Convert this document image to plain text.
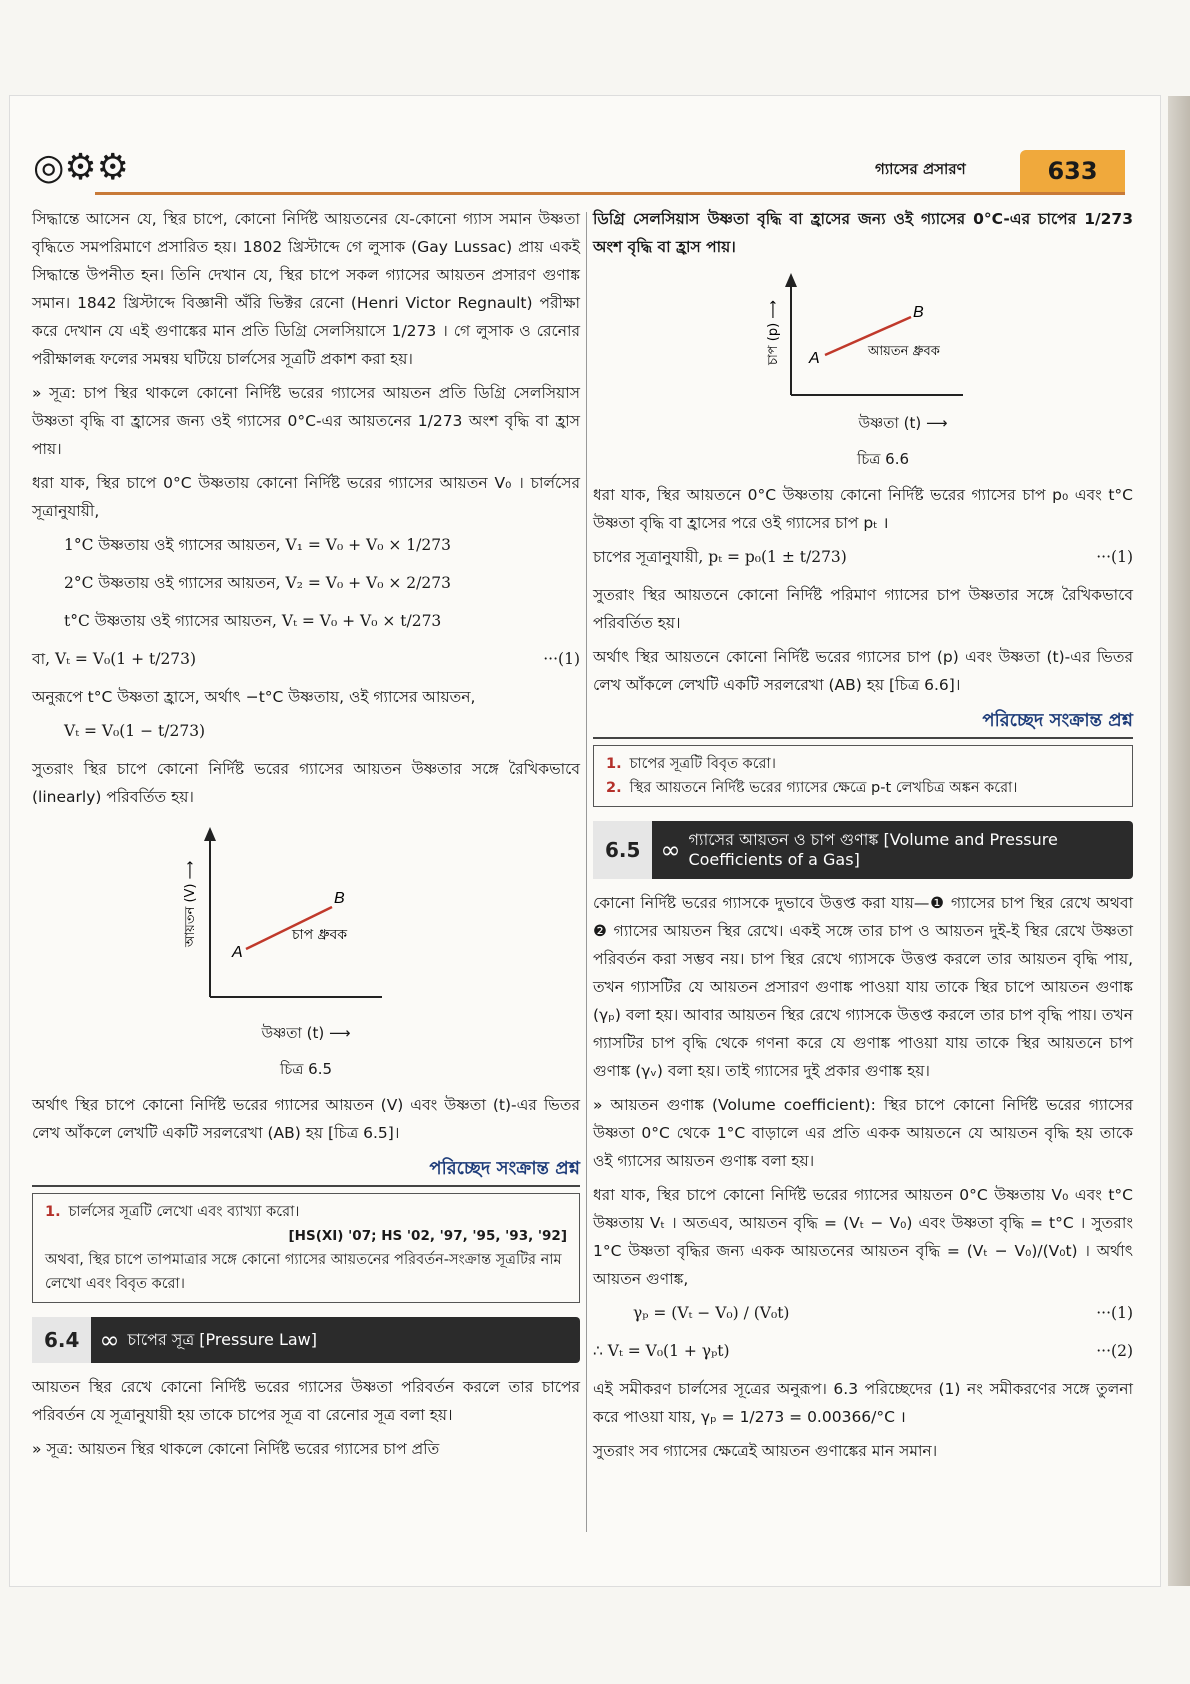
◎⚙⚙	গ্যাসের প্রসারণ	633

সিদ্ধান্তে আসেন যে, স্থির চাপে, কোনো নির্দিষ্ট আয়তনের যে-কোনো গ্যাস সমান উষ্ণতা বৃদ্ধিতে সমপরিমাণে প্রসারিত হয়। 1802 খ্রিস্টাব্দে গে লুসাক (Gay Lussac) প্রায় একই সিদ্ধান্তে উপনীত হন। তিনি দেখান যে, স্থির চাপে সকল গ্যাসের আয়তন প্রসারণ গুণাঙ্ক সমান। 1842 খ্রিস্টাব্দে বিজ্ঞানী অঁরি ভিক্টর রেনো (Henri Victor Regnault) পরীক্ষা করে দেখান যে এই গুণাঙ্কের মান প্রতি ডিগ্রি সেলসিয়াসে 1/273 । গে লুসাক ও রেনোর পরীক্ষালব্ধ ফলের সমন্বয় ঘটিয়ে চার্লসের সূত্রটি প্রকাশ করা হয়।

» সূত্র: চাপ স্থির থাকলে কোনো নির্দিষ্ট ভরের গ্যাসের আয়তন প্রতি ডিগ্রি সেলসিয়াস উষ্ণতা বৃদ্ধি বা হ্রাসের জন্য ওই গ্যাসের 0°C-এর আয়তনের 1/273 অংশ বৃদ্ধি বা হ্রাস পায়।

ধরা যাক, স্থির চাপে 0°C উষ্ণতায় কোনো নির্দিষ্ট ভরের গ্যাসের আয়তন V₀ । চার্লসের সূত্রানুযায়ী,

1°C উষ্ণতায় ওই গ্যাসের আয়তন, V₁ = V₀ + V₀ × 1/273
2°C উষ্ণতায় ওই গ্যাসের আয়তন, V₂ = V₀ + V₀ × 2/273
t°C উষ্ণতায় ওই গ্যাসের আয়তন, Vₜ = V₀ + V₀ × t/273
···(1)
বা, Vₜ = V₀(1 + t/273)

অনুরূপে t°C উষ্ণতা হ্রাসে, অর্থাৎ −t°C উষ্ণতায়, ওই গ্যাসের আয়তন,

Vₜ = V₀(1 − t/273)

সুতরাং স্থির চাপে কোনো নির্দিষ্ট ভরের গ্যাসের আয়তন উষ্ণতার সঙ্গে রৈখিকভাবে (linearly) পরিবর্তিত হয়।

A
B
চাপ ধ্রুবক
আয়তন (V) ⟶
উষ্ণতা (t) ⟶
চিত্র 6.5

অর্থাৎ স্থির চাপে কোনো নির্দিষ্ট ভরের গ্যাসের আয়তন (V) এবং উষ্ণতা (t)-এর ভিতর লেখ আঁকলে লেখটি একটি সরলরেখা (AB) হয় [চিত্র 6.5]।

পরিচ্ছেদ সংক্রান্ত প্রশ্ন
1. চার্লসের সূত্রটি লেখো এবং ব্যাখ্যা করো।
[HS(XI) '07; HS '02, '97, '95, '93, '92]
অথবা, স্থির চাপে তাপমাত্রার সঙ্গে কোনো গ্যাসের আয়তনের পরিবর্তন-সংক্রান্ত সূত্রটির নাম লেখো এবং বিবৃত করো।
6.4 ∞ চাপের সূত্র [Pressure Law]

আয়তন স্থির রেখে কোনো নির্দিষ্ট ভরের গ্যাসের উষ্ণতা পরিবর্তন করলে তার চাপের পরিবর্তন যে সূত্রানুযায়ী হয় তাকে চাপের সূত্র বা রেনোর সূত্র বলা হয়।

» সূত্র: আয়তন স্থির থাকলে কোনো নির্দিষ্ট ভরের গ্যাসের চাপ প্রতি

ডিগ্রি সেলসিয়াস উষ্ণতা বৃদ্ধি বা হ্রাসের জন্য ওই গ্যাসের 0°C-এর চাপের 1/273 অংশ বৃদ্ধি বা হ্রাস পায়।

A
B
আয়তন ধ্রুবক
চাপ (p) ⟶
উষ্ণতা (t) ⟶
চিত্র 6.6

ধরা যাক, স্থির আয়তনে 0°C উষ্ণতায় কোনো নির্দিষ্ট ভরের গ্যাসের চাপ p₀ এবং t°C উষ্ণতা বৃদ্ধি বা হ্রাসের পরে ওই গ্যাসের চাপ pₜ ।

···(1)
চাপের সূত্রানুযায়ী, pₜ = p₀(1 ± t/273)

সুতরাং স্থির আয়তনে কোনো নির্দিষ্ট পরিমাণ গ্যাসের চাপ উষ্ণতার সঙ্গে রৈখিকভাবে পরিবর্তিত হয়।

অর্থাৎ স্থির আয়তনে কোনো নির্দিষ্ট ভরের গ্যাসের চাপ (p) এবং উষ্ণতা (t)-এর ভিতর লেখ আঁকলে লেখটি একটি সরলরেখা (AB) হয় [চিত্র 6.6]।

পরিচ্ছেদ সংক্রান্ত প্রশ্ন
1. চাপের সূত্রটি বিবৃত করো।
2. স্থির আয়তনে নির্দিষ্ট ভরের গ্যাসের ক্ষেত্রে p-t লেখচিত্র অঙ্কন করো।
6.5 ∞ গ্যাসের আয়তন ও চাপ গুণাঙ্ক [Volume and Pressure Coefficients of a Gas]

কোনো নির্দিষ্ট ভরের গ্যাসকে দুভাবে উত্তপ্ত করা যায়—❶ গ্যাসের চাপ স্থির রেখে অথবা ❷ গ্যাসের আয়তন স্থির রেখে। একই সঙ্গে তার চাপ ও আয়তন দুই-ই স্থির রেখে উষ্ণতা পরিবর্তন করা সম্ভব নয়। চাপ স্থির রেখে গ্যাসকে উত্তপ্ত করলে তার আয়তন বৃদ্ধি পায়, তখন গ্যাসটির যে আয়তন প্রসারণ গুণাঙ্ক পাওয়া যায় তাকে স্থির চাপে আয়তন গুণাঙ্ক (γₚ) বলা হয়। আবার আয়তন স্থির রেখে গ্যাসকে উত্তপ্ত করলে তার চাপ বৃদ্ধি পায়। তখন গ্যাসটির চাপ বৃদ্ধি থেকে গণনা করে যে গুণাঙ্ক পাওয়া যায় তাকে স্থির আয়তনে চাপ গুণাঙ্ক (γᵥ) বলা হয়। তাই গ্যাসের দুই প্রকার গুণাঙ্ক হয়।

» আয়তন গুণাঙ্ক (Volume coefficient): স্থির চাপে কোনো নির্দিষ্ট ভরের গ্যাসের উষ্ণতা 0°C থেকে 1°C বাড়ালে এর প্রতি একক আয়তনে যে আয়তন বৃদ্ধি হয় তাকে ওই গ্যাসের আয়তন গুণাঙ্ক বলা হয়।

ধরা যাক, স্থির চাপে কোনো নির্দিষ্ট ভরের গ্যাসের আয়তন 0°C উষ্ণতায় V₀ এবং t°C উষ্ণতায় Vₜ । অতএব, আয়তন বৃদ্ধি = (Vₜ − V₀) এবং উষ্ণতা বৃদ্ধি = t°C । সুতরাং 1°C উষ্ণতা বৃদ্ধির জন্য একক আয়তনের আয়তন বৃদ্ধি = (Vₜ − V₀)/(V₀t) । অর্থাৎ আয়তন গুণাঙ্ক,

···(1)
γₚ = (Vₜ − V₀) / (V₀t)
···(2)
∴ Vₜ = V₀(1 + γₚt)

এই সমীকরণ চার্লসের সূত্রের অনুরূপ। 6.3 পরিচ্ছেদের (1) নং সমীকরণের সঙ্গে তুলনা করে পাওয়া যায়, γₚ = 1/273 = 0.00366/°C ।

সুতরাং সব গ্যাসের ক্ষেত্রেই আয়তন গুণাঙ্কের মান সমান।
